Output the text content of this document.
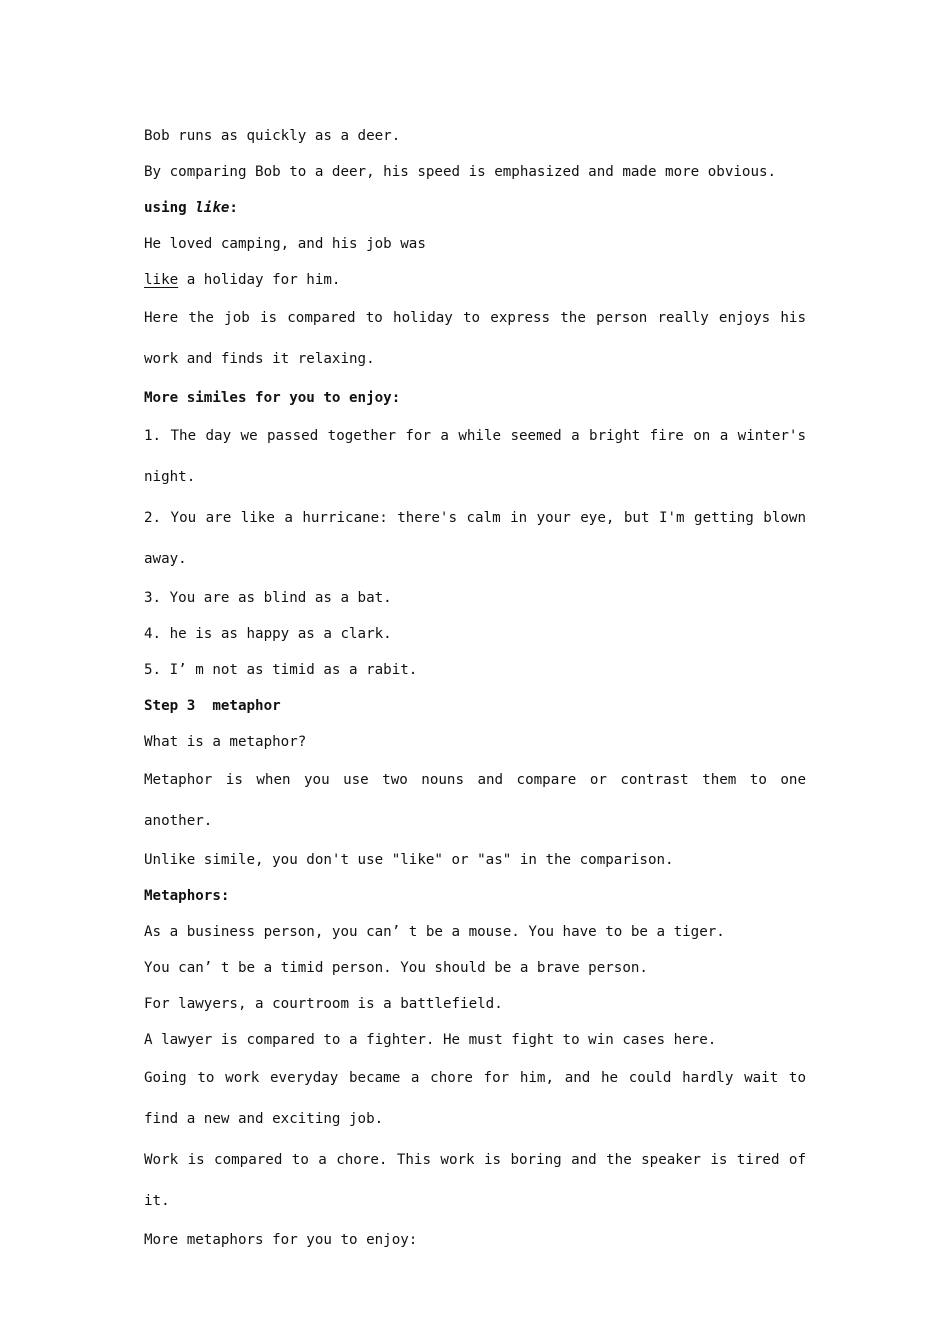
Bob runs as quickly as a deer.

By comparing Bob to a deer, his speed is emphasized and made more obvious.

using like:

He loved camping, and his job was

like a holiday for him.

Here the job is compared to holiday to express the person really enjoys his work and finds it relaxing.

More similes for you to enjoy:

1. The day we passed together for a while seemed a bright fire on a winter's night.

2. You are like a hurricane: there's calm in your eye, but I'm getting blown away.

3. You are as blind as a bat.

4. he is as happy as a clark.

5. I’ m not as timid as a rabit.

Step 3  metaphor

What is a metaphor?

Metaphor is when you use two nouns and compare or contrast them to one another.

Unlike simile, you don't use "like" or "as" in the comparison.

Metaphors:

As a business person, you can’ t be a mouse. You have to be a tiger.

You can’ t be a timid person. You should be a brave person.

For lawyers, a courtroom is a battlefield.

A lawyer is compared to a fighter. He must fight to win cases here.

Going to work everyday became a chore for him, and he could hardly wait to find a new and exciting job.

Work is compared to a chore. This work is boring and the speaker is tired of it.

More metaphors for you to enjoy:
